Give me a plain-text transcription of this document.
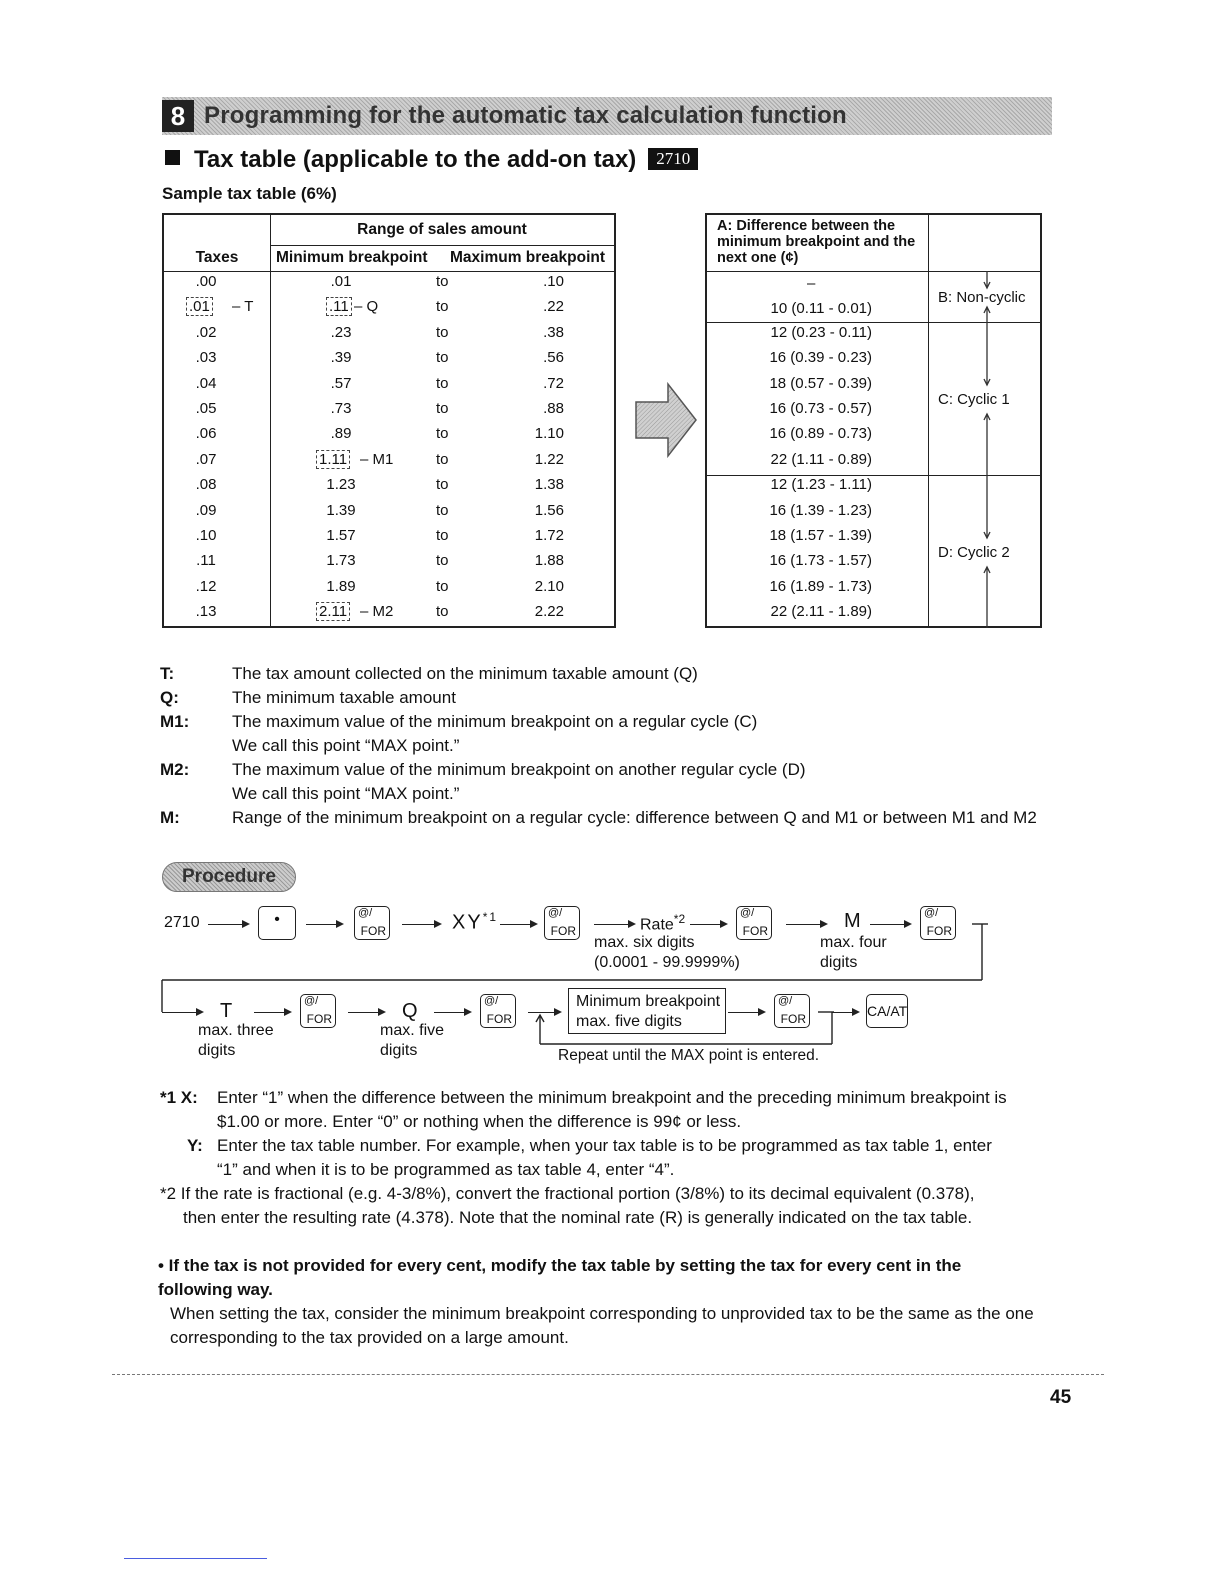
8 Programming for the automatic tax calculation function
Tax table (applicable to the add-on tax) 2710
Sample tax table (6%)
Range of sales amount
Taxes	Minimum breakpoint Maximum breakpoint
.00	.01	to	.10
.01 – T	.11 – Q	to	.22
.02	.23	to	.38
.03	.39	to	.56
.04	.57	to	.72
.05	.73	to	.88
.06	.89	to	1.10
.07	1.11 – M1	to	1.22
.08	1.23	to	1.38
.09	1.39	to	1.56
.10	1.57	to	1.72
.11	1.73	to	1.88
.12	1.89	to	2.10
.13	2.11 – M2	to	2.22
A: Difference between the minimum breakpoint and the next one (¢)
–
10 (0.11 - 0.01)
12 (0.23 - 0.11)
16 (0.39 - 0.23)
18 (0.57 - 0.39)
16 (0.73 - 0.57)
16 (0.89 - 0.73)
22 (1.11 - 0.89)
12 (1.23 - 1.11)
16 (1.39 - 1.23)
18 (1.57 - 1.39)
16 (1.73 - 1.57)
16 (1.89 - 1.73)
22 (2.11 - 1.89)
B: Non-cyclic
C: Cyclic 1
D: Cyclic 2
T:	The tax amount collected on the minimum taxable amount (Q)
Q:	The minimum taxable amount
M1:	The maximum value of the minimum breakpoint on a regular cycle (C)
We call this point “MAX point.”
M2:	The maximum value of the minimum breakpoint on another regular cycle (D)
We call this point “MAX point.”
M:	Range of the minimum breakpoint on a regular cycle: difference between Q and M1 or between M1 and M2
Procedure
2710	•	@/
FOR	XY$^{*1}$	@/
FOR	Rate$^{*2}$	@/
FOR
max. six digits
(0.0001 - 99.9999%)
M	@/
FOR
max. four
digits
T	@/
FOR
max. three
digits
Q	@/
FOR
max. five
digits
Minimum breakpoint
max. five digits
@/
FOR	CA/AT
Repeat until the MAX point is entered.
*1 X: Enter “1” when the difference between the minimum breakpoint and the preceding minimum breakpoint is
$1.00 or more. Enter “0” or nothing when the difference is 99¢ or less.
Y: Enter the tax table number. For example, when your tax table is to be programmed as tax table 1, enter
“1” and when it is to be programmed as tax table 4, enter “4”.
*2 If the rate is fractional (e.g. 4-3/8%), convert the fractional portion (3/8%) to its decimal equivalent (0.378),
then enter the resulting rate (4.378). Note that the nominal rate (R) is generally indicated on the tax table.
• If the tax is not provided for every cent, modify the tax table by setting the tax for every cent in the following way.
When setting the tax, consider the minimum breakpoint corresponding to unprovided tax to be the same as the one corresponding to the tax provided on a large amount.
45
